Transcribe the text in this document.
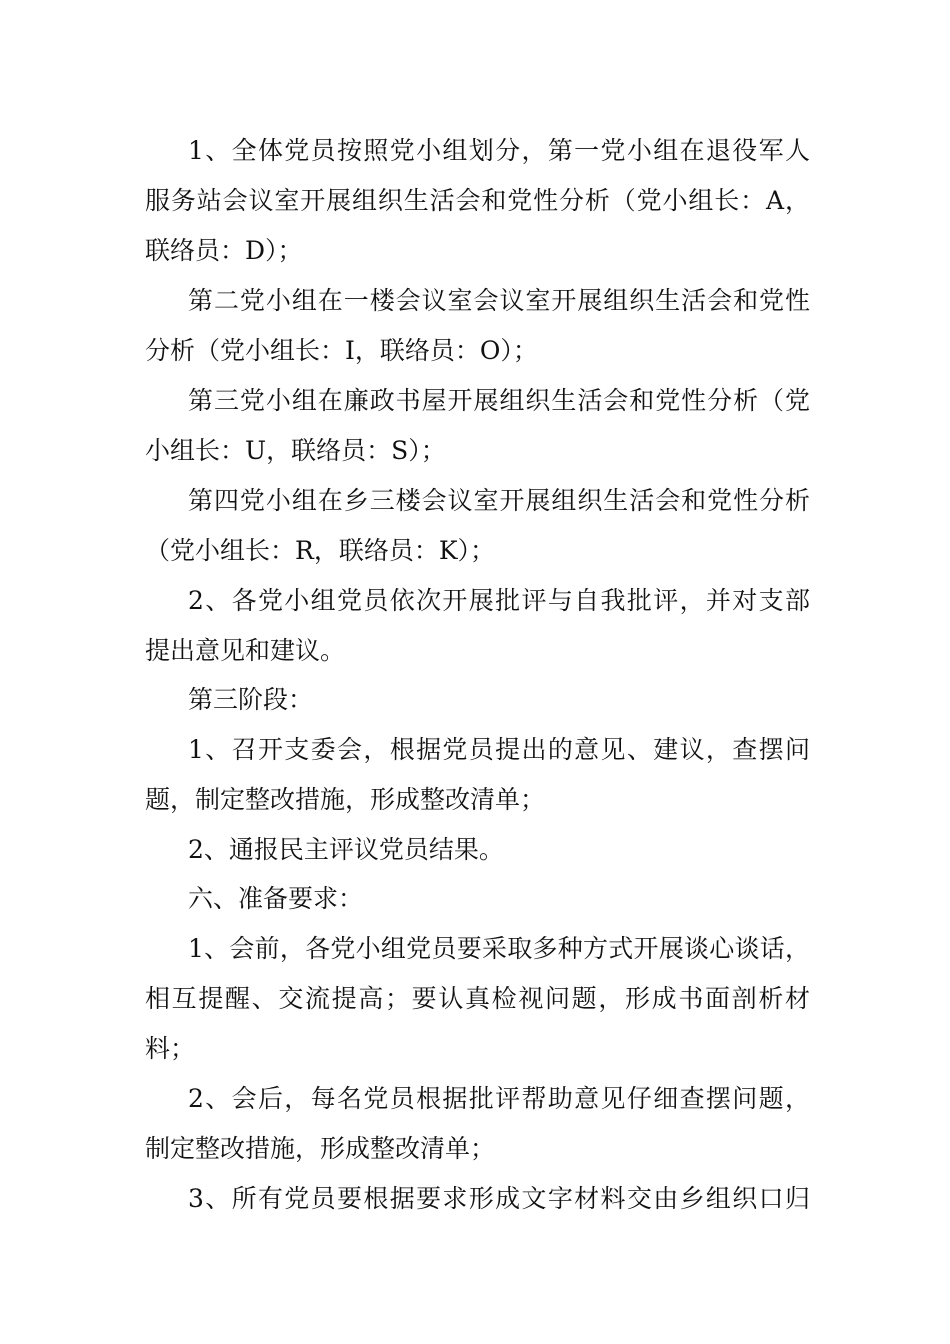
1、全体党员按照党小组划分，第一党小组在退役军人
服务站会议室开展组织生活会和党性分析（党小组长：A，
联络员：D）；
第二党小组在一楼会议室会议室开展组织生活会和党性
分析（党小组长：I，联络员：O）；
第三党小组在廉政书屋开展组织生活会和党性分析（党
小组长：U，联络员：S）；
第四党小组在乡三楼会议室开展组织生活会和党性分析
（党小组长：R，联络员：K）；
2、各党小组党员依次开展批评与自我批评，并对支部
提出意见和建议。
第三阶段：
1、召开支委会，根据党员提出的意见、建议，查摆问
题，制定整改措施，形成整改清单；
2、通报民主评议党员结果。
六、准备要求：
1、会前，各党小组党员要采取多种方式开展谈心谈话，
相互提醒、交流提高；要认真检视问题，形成书面剖析材
料；
2、会后，每名党员根据批评帮助意见仔细查摆问题，
制定整改措施，形成整改清单；
3、所有党员要根据要求形成文字材料交由乡组织口归
